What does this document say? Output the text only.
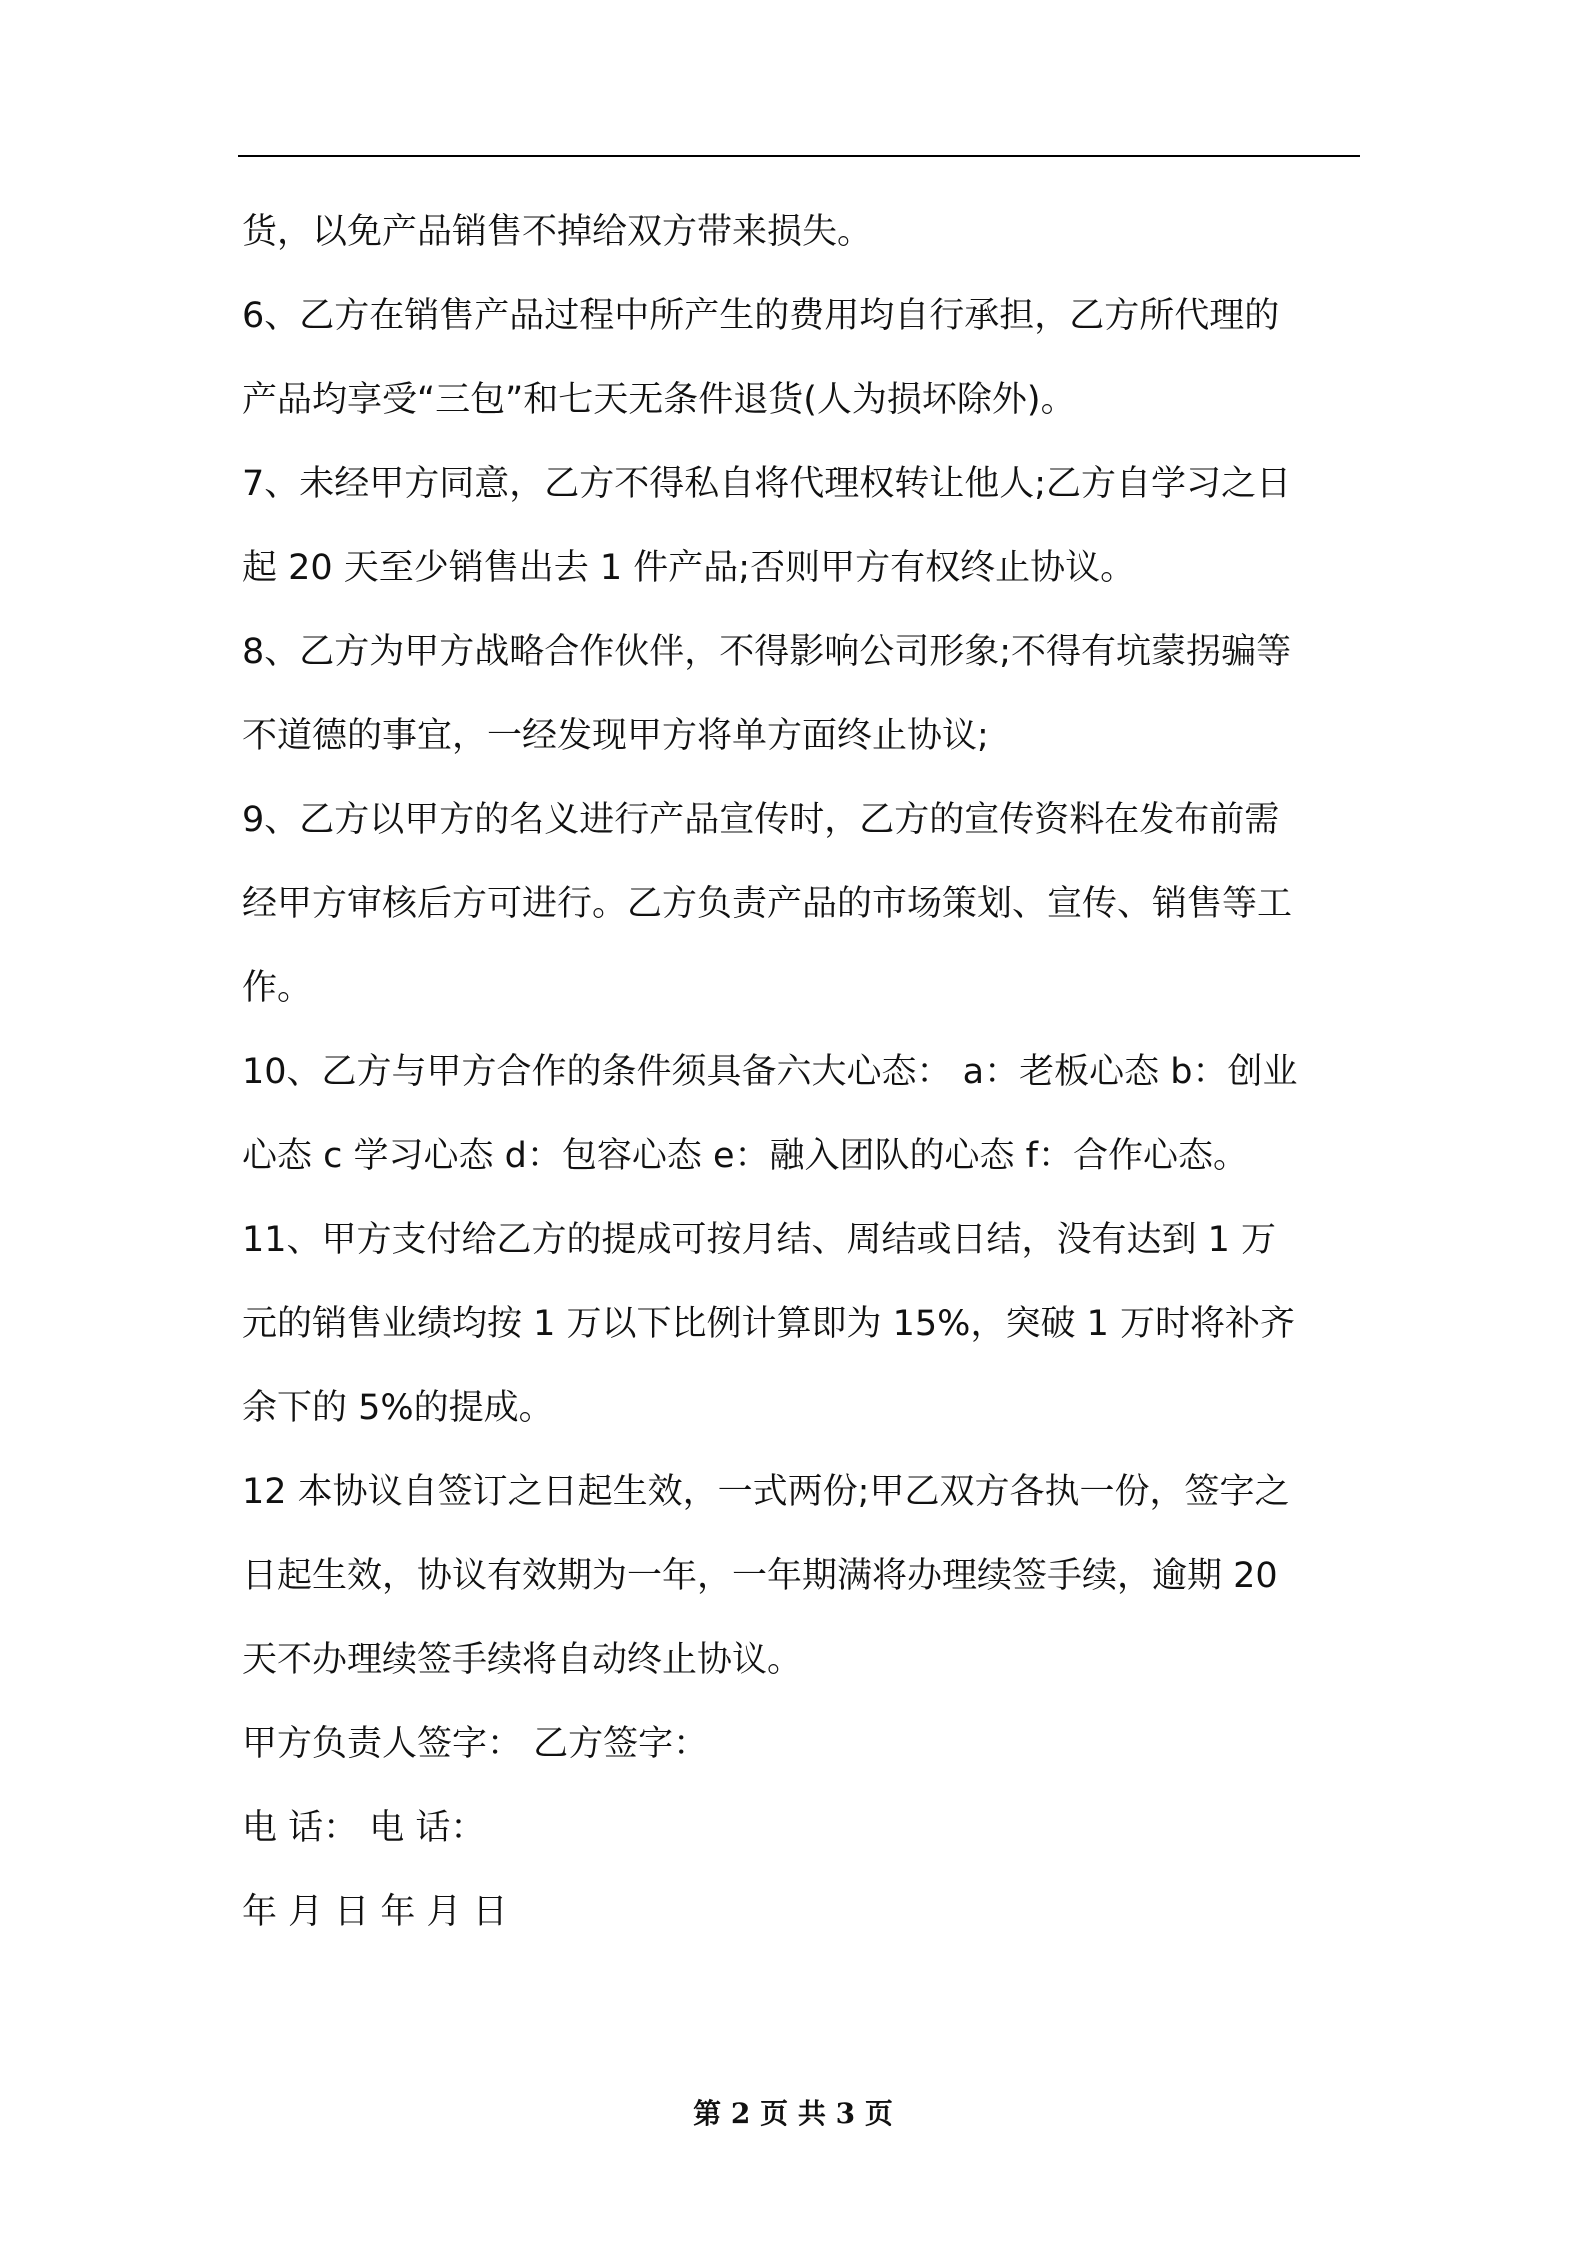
货，以免产品销售不掉给双方带来损失。
6、乙方在销售产品过程中所产生的费用均自行承担，乙方所代理的
产品均享受“三包”和七天无条件退货(人为损坏除外)。
7、未经甲方同意，乙方不得私自将代理权转让他人;乙方自学习之日
起 20 天至少销售出去 1 件产品;否则甲方有权终止协议。
8、乙方为甲方战略合作伙伴，不得影响公司形象;不得有坑蒙拐骗等
不道德的事宜，一经发现甲方将单方面终止协议;
9、乙方以甲方的名义进行产品宣传时，乙方的宣传资料在发布前需
经甲方审核后方可进行。乙方负责产品的市场策划、宣传、销售等工
作。
10、乙方与甲方合作的条件须具备六大心态： a：老板心态 b：创业
心态 c 学习心态 d：包容心态 e：融入团队的心态 f：合作心态。
11、甲方支付给乙方的提成可按月结、周结或日结，没有达到 1 万
元的销售业绩均按 1 万以下比例计算即为 15%，突破 1 万时将补齐
余下的 5%的提成。
12 本协议自签订之日起生效，一式两份;甲乙双方各执一份，签字之
日起生效，协议有效期为一年，一年期满将办理续签手续，逾期 20
天不办理续签手续将自动终止协议。
甲方负责人签字： 乙方签字：
电 话： 电 话：
年 月 日 年 月 日
第 2 页 共 3 页
